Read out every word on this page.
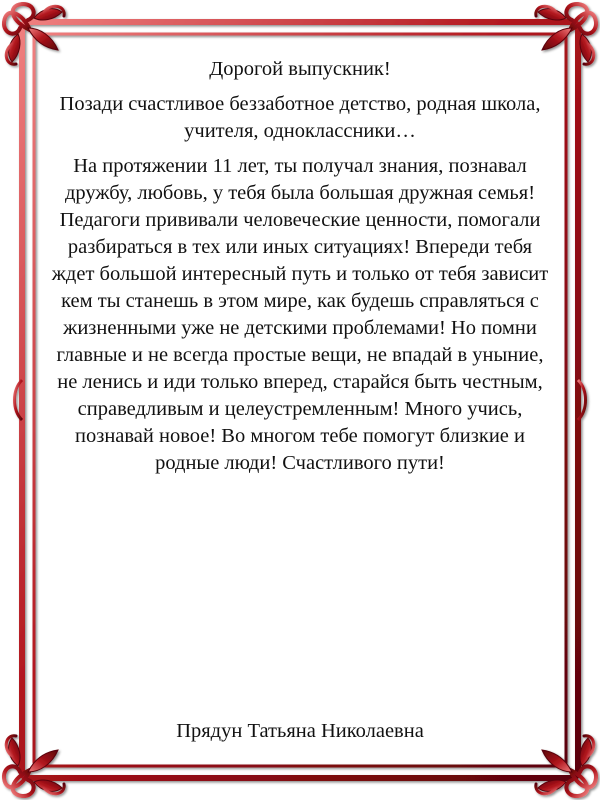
Дорогой выпускник!

Позади счастливое беззаботное детство, родная школа, учителя, одноклассники…

На протяжении 11 лет, ты получал знания, познавал дружбу, любовь, у тебя была большая дружная семья! Педагоги прививали человеческие ценности, помогали разбираться в тех или иных ситуациях! Впереди тебя ждет большой интересный путь и только от тебя зависит кем ты станешь в этом мире, как будешь справляться с жизненными уже не детскими проблемами! Но помни главные и не всегда простые вещи, не впадай в уныние, не ленись и иди только вперед, старайся быть честным, справедливым и целеустремленным! Много учись, познавай новое! Во многом тебе помогут близкие и родные люди! Счастливого пути!

Прядун Татьяна Николаевна
